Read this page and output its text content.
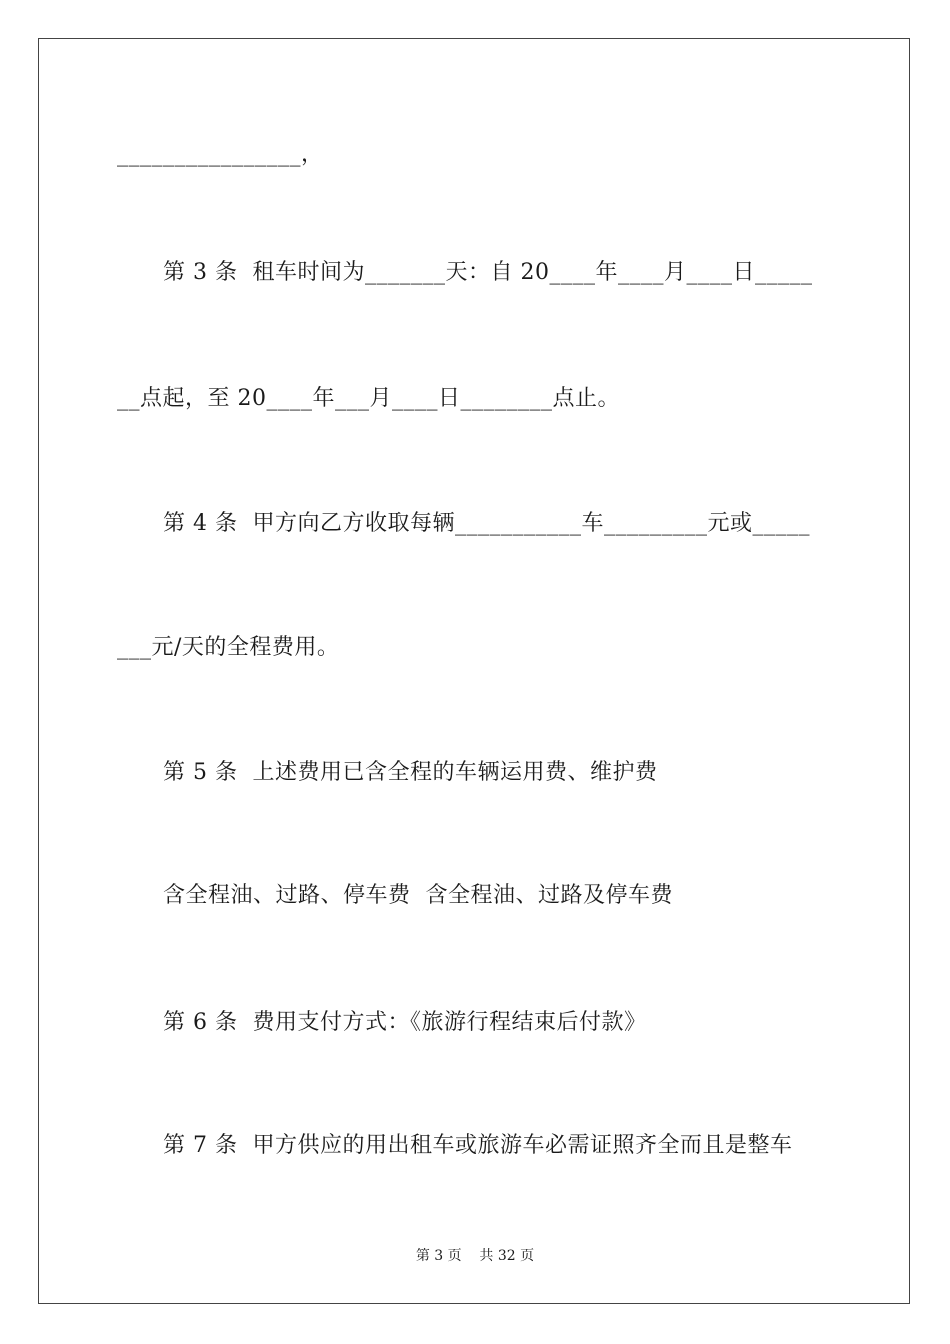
________________，
第 3 条  租车时间为_______天：自 20____年____月____日_____
__点起，至 20____年___月____日________点止。
第 4 条  甲方向乙方收取每辆___________车_________元或_____
___元/天的全程费用。
第 5 条  上述费用已含全程的车辆运用费、维护费
含全程油、过路、停车费  含全程油、过路及停车费
第 6 条  费用支付方式：《旅游行程结束后付款》
第 7 条  甲方供应的用出租车或旅游车必需证照齐全而且是整车
第 3 页    共 32 页
